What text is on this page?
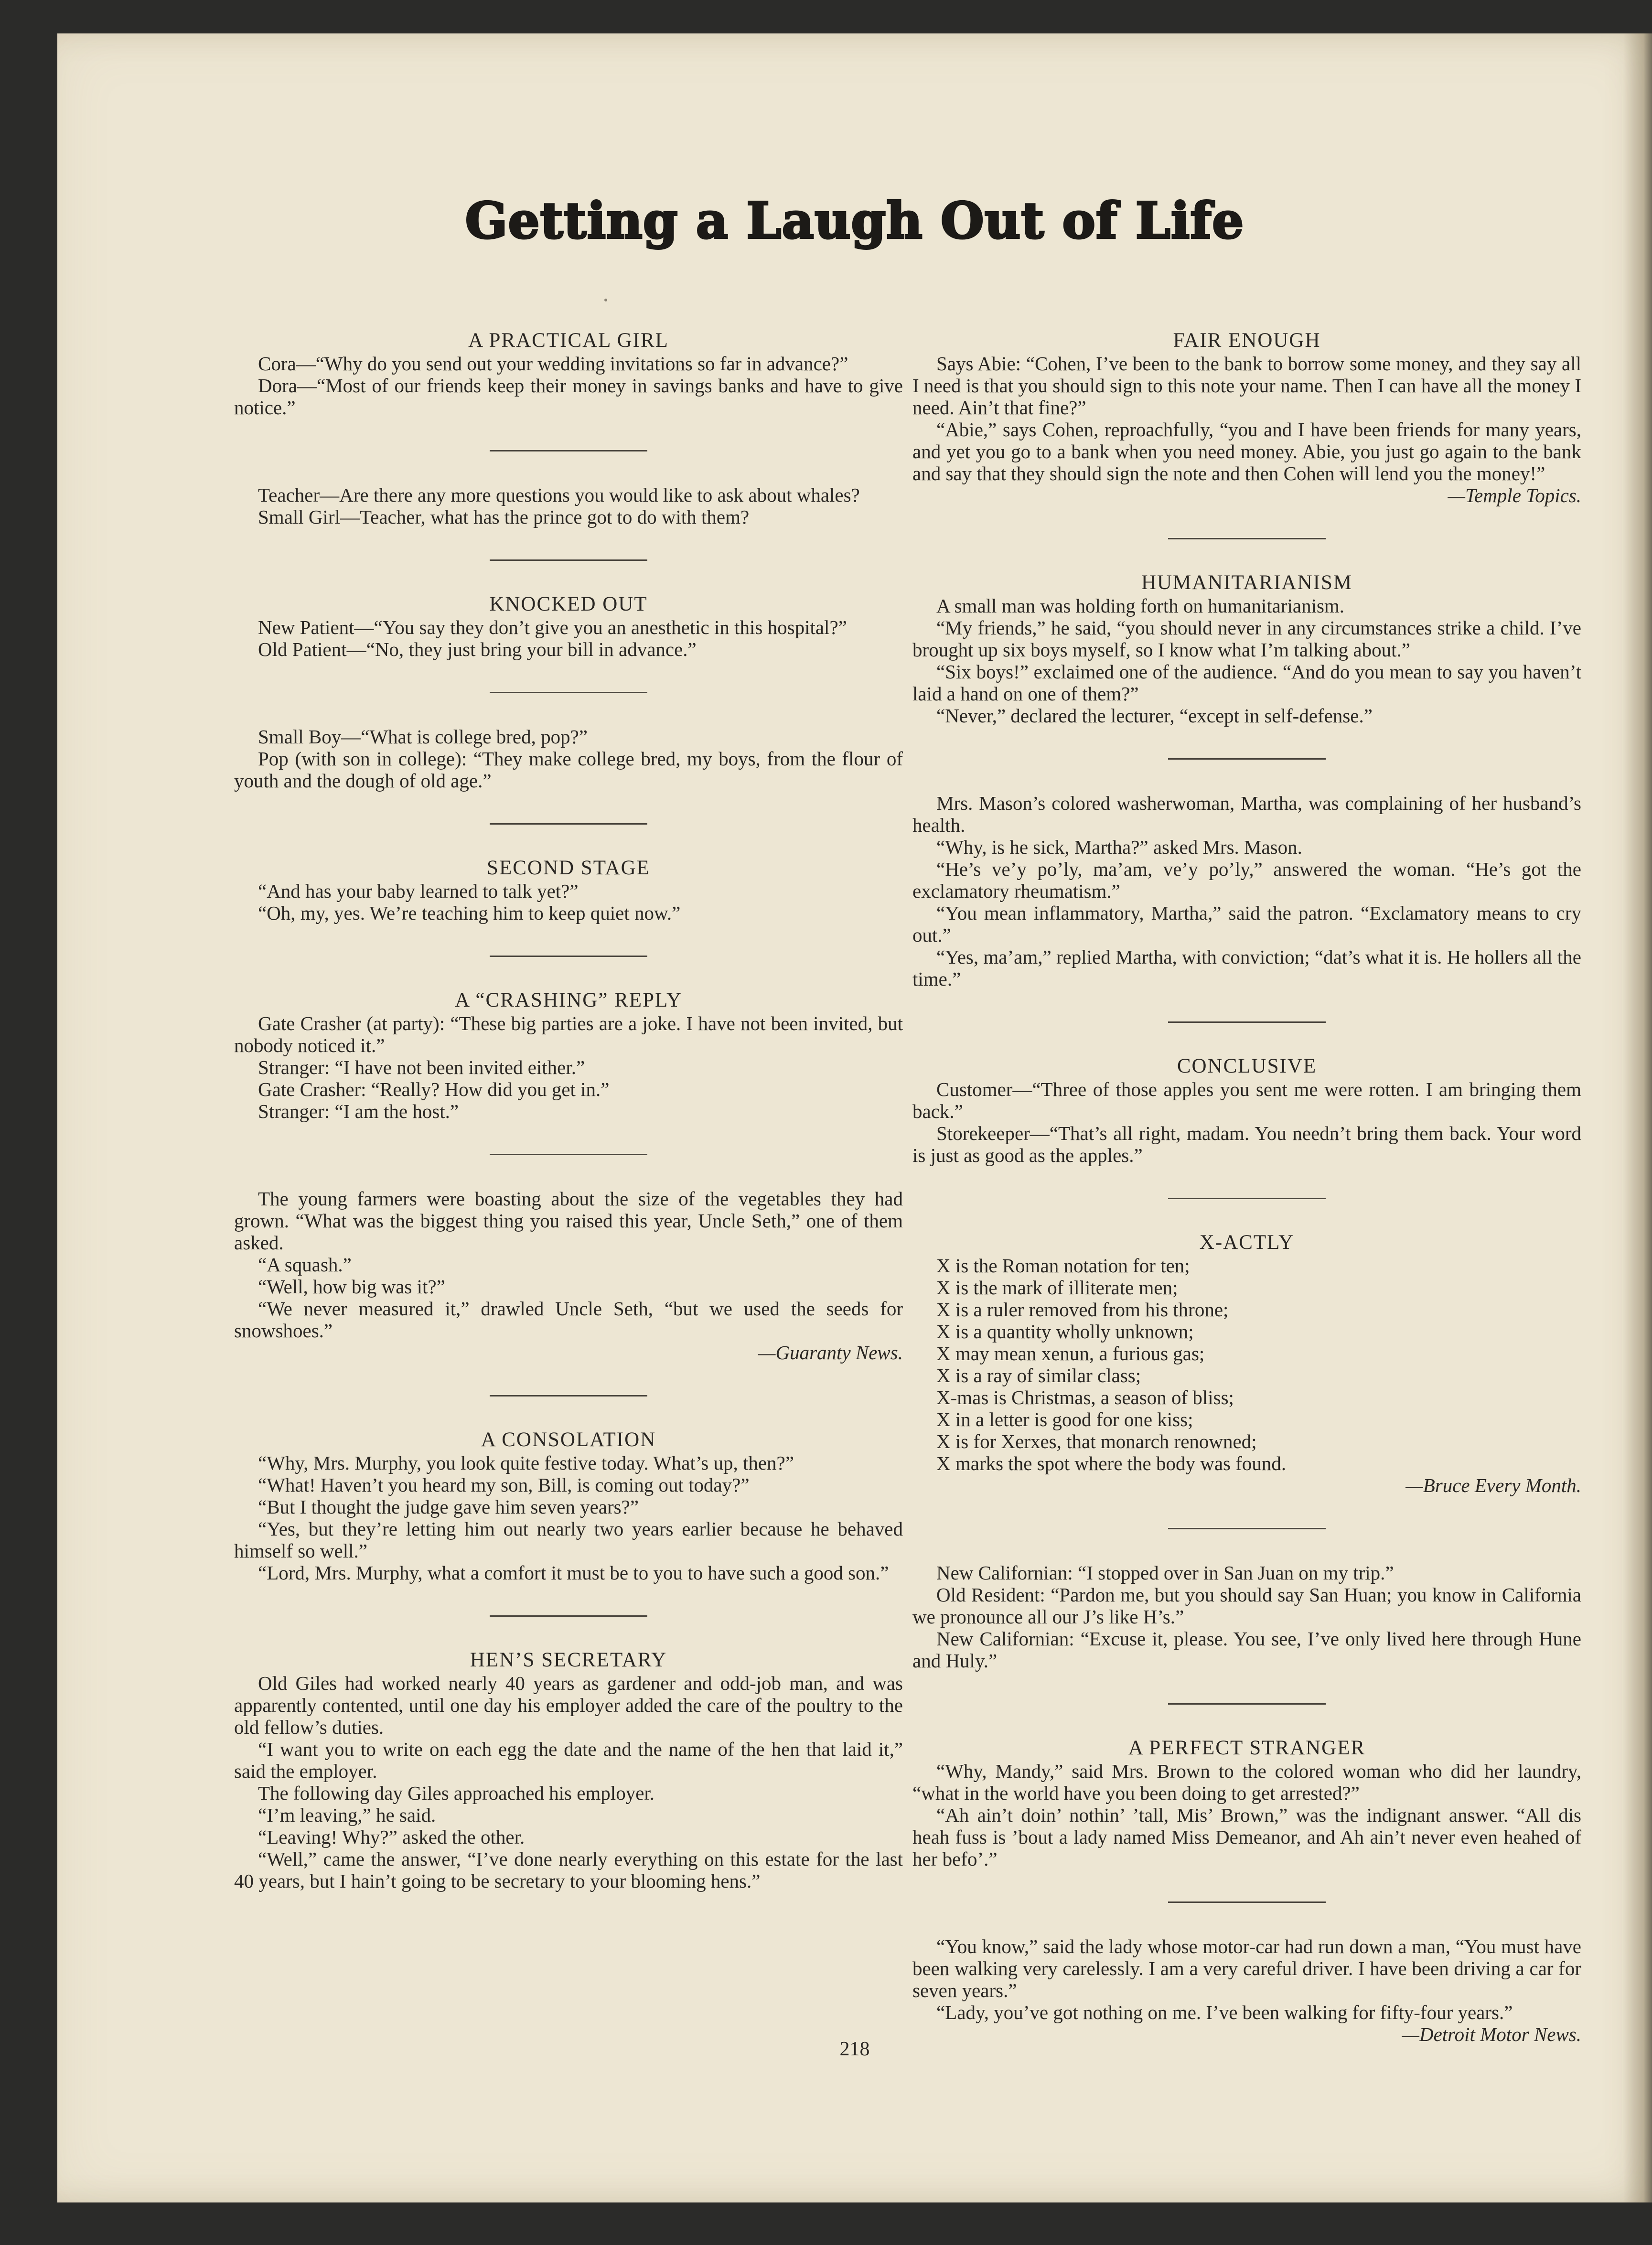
Getting a Laugh Out of Life
A PRACTICAL GIRL

Cora—“Why do you send out your wedding invitations so far in advance?”

Dora—“Most of our friends keep their money in savings banks and have to give notice.”

Teacher—Are there any more questions you would like to ask about whales?

Small Girl—Teacher, what has the prince got to do with them?

KNOCKED OUT

New Patient—“You say they don’t give you an anesthetic in this hospital?”

Old Patient—“No, they just bring your bill in advance.”

Small Boy—“What is college bred, pop?”

Pop (with son in college): “They make college bred, my boys, from the flour of youth and the dough of old age.”

SECOND STAGE

“And has your baby learned to talk yet?”

“Oh, my, yes. We’re teaching him to keep quiet now.”

A “CRASHING” REPLY

Gate Crasher (at party): “These big parties are a joke. I have not been invited, but nobody noticed it.”

Stranger: “I have not been invited either.”

Gate Crasher: “Really? How did you get in.”

Stranger: “I am the host.”

The young farmers were boasting about the size of the vegetables they had grown. “What was the biggest thing you raised this year, Uncle Seth,” one of them asked.

“A squash.”

“Well, how big was it?”

“We never measured it,” drawled Uncle Seth, “but we used the seeds for snowshoes.”

—Guaranty News.

A CONSOLATION

“Why, Mrs. Murphy, you look quite festive today. What’s up, then?”

“What! Haven’t you heard my son, Bill, is coming out today?”

“But I thought the judge gave him seven years?”

“Yes, but they’re letting him out nearly two years earlier because he behaved himself so well.”

“Lord, Mrs. Murphy, what a comfort it must be to you to have such a good son.”

HEN’S SECRETARY

Old Giles had worked nearly 40 years as gardener and odd-job man, and was apparently contented, until one day his employer added the care of the poultry to the old fellow’s duties.

“I want you to write on each egg the date and the name of the hen that laid it,” said the employer.

The following day Giles approached his employer.

“I’m leaving,” he said.

“Leaving! Why?” asked the other.

“Well,” came the answer, “I’ve done nearly everything on this estate for the last 40 years, but I hain’t going to be secretary to your blooming hens.”

FAIR ENOUGH

Says Abie: “Cohen, I’ve been to the bank to borrow some money, and they say all I need is that you should sign to this note your name. Then I can have all the money I need. Ain’t that fine?”

“Abie,” says Cohen, reproachfully, “you and I have been friends for many years, and yet you go to a bank when you need money. Abie, you just go again to the bank and say that they should sign the note and then Cohen will lend you the money!”

—Temple Topics.

HUMANITARIANISM

A small man was holding forth on humanitarianism.

“My friends,” he said, “you should never in any circumstances strike a child. I’ve brought up six boys myself, so I know what I’m talking about.”

“Six boys!” exclaimed one of the audience. “And do you mean to say you haven’t laid a hand on one of them?”

“Never,” declared the lecturer, “except in self-defense.”

Mrs. Mason’s colored washerwoman, Martha, was complaining of her husband’s health.

“Why, is he sick, Martha?” asked Mrs. Mason.

“He’s ve’y po’ly, ma’am, ve’y po’ly,” answered the woman. “He’s got the exclamatory rheumatism.”

“You mean inflammatory, Martha,” said the patron. “Exclamatory means to cry out.”

“Yes, ma’am,” replied Martha, with conviction; “dat’s what it is. He hollers all the time.”

CONCLUSIVE

Customer—“Three of those apples you sent me were rotten. I am bringing them back.”

Storekeeper—“That’s all right, madam. You needn’t bring them back. Your word is just as good as the apples.”

X-ACTLY

X is the Roman notation for ten;

X is the mark of illiterate men;

X is a ruler removed from his throne;

X is a quantity wholly unknown;

X may mean xenun, a furious gas;

X is a ray of similar class;

X-mas is Christmas, a season of bliss;

X in a letter is good for one kiss;

X is for Xerxes, that monarch renowned;

X marks the spot where the body was found.

—Bruce Every Month.

New Californian: “I stopped over in San Juan on my trip.”

Old Resident: “Pardon me, but you should say San Huan; you know in California we pronounce all our J’s like H’s.”

New Californian: “Excuse it, please. You see, I’ve only lived here through Hune and Huly.”

A PERFECT STRANGER

“Why, Mandy,” said Mrs. Brown to the colored woman who did her laundry, “what in the world have you been doing to get arrested?”

“Ah ain’t doin’ nothin’ ’tall, Mis’ Brown,” was the indignant answer. “All dis heah fuss is ’bout a lady named Miss Demeanor, and Ah ain’t never even heahed of her befo’.”

“You know,” said the lady whose motor-car had run down a man, “You must have been walking very carelessly. I am a very careful driver. I have been driving a car for seven years.”

“Lady, you’ve got nothing on me. I’ve been walking for fifty-four years.”

—Detroit Motor News.

218
